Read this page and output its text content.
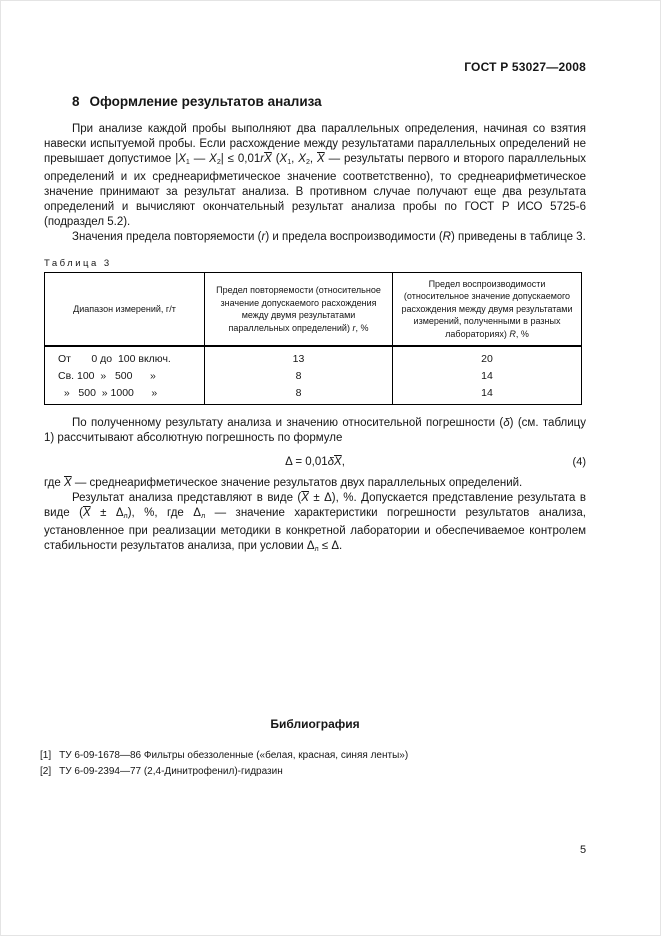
ГОСТ Р 53027—2008
8 Оформление результатов анализа

При анализе каждой пробы выполняют два параллельных определения, начиная со взятия навески испытуемой пробы. Если расхождение между результатами параллельных определений не превышает допустимое |X1 — $X2| \le 0,01r\overline{X}$ (X1, X2, $\overline{X}$ — результаты первого и второго параллельных определений и их среднеарифметическое значение соответственно), то среднеарифметическое значение принимают за результат анализа. В противном случае получают еще два результата определений и вычисляют окончательный результат анализа пробы по ГОСТ Р ИСО 5725-6 (подраздел 5.2).

Значения предела повторяемости (r) и предела воспроизводимости (R) приведены в таблице 3.

Таблица 3
Диапазон измерений, г/т	Предел повторяемости (относительное значение допускаемого расхождения между двумя результатами параллельных определений) r, %	Предел воспроизводимости (относительное значение допускаемого расхождения между двумя результатами измерений, полученными в разных лабораториях) R, %
От       0 до  100 включ.	13	20
Св. 100  »   500      »	8	14
»   500  » 1000      »	8	14

По полученному результату анализа и значению относительной погрешности (δ) (см. таблицу 1) рассчитывают абсолютную погрешность по формуле

$\Delta = 0,01\delta\overline{X}$,	(4)

где $\overline{X}$ — среднеарифметическое значение результатов двух параллельных определений.

Результат анализа представляют в виде $(\overline{X} \pm \Delta)$, %. Допускается представление результата в виде $(\overline{X} \pm \Delta л)$, %, где Δл — значение характеристики погрешности результатов анализа, установленное при реализации методики в конкретной лаборатории и обеспечиваемое контролем стабильности результатов анализа, при условии Δл ≤ Δ.

Библиография
[1] ТУ 6-09-1678—86 Фильтры обеззоленные («белая, красная, синяя ленты»)
[2] ТУ 6-09-2394—77 (2,4-Динитрофенил)-гидразин
5
